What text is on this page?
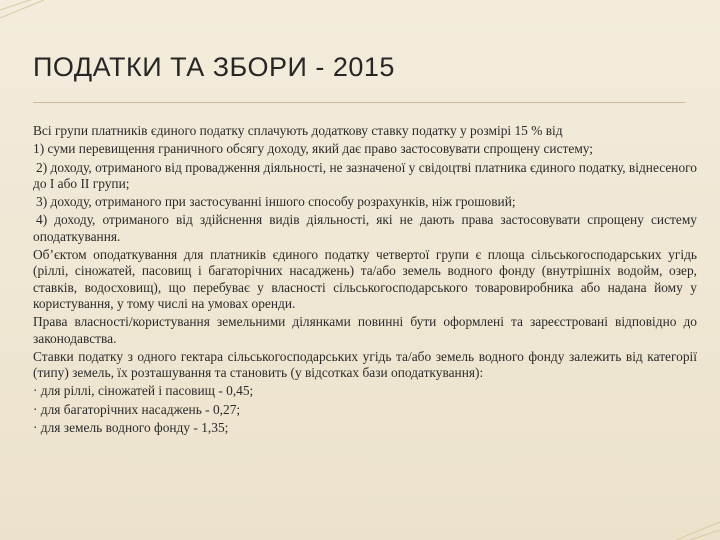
ПОДАТКИ ТА ЗБОРИ - 2015

Всі групи платників єдиного податку сплачують додаткову ставку податку у розмірі 15 % від

1) суми перевищення граничного обсягу доходу, який дає право застосовувати спрощену систему;

2) доходу, отриманого від провадження діяльності, не зазначеної у свідоцтві платника єдиного податку, віднесеного до І або ІІ групи;

3) доходу, отриманого при застосуванні іншого способу розрахунків, ніж грошовий;

4) доходу, отриманого від здійснення видів діяльності, які не дають права застосовувати спрощену систему оподаткування.

Об’єктом оподаткування для платників єдиного податку четвертої групи є площа сільськогосподарських угідь (ріллі, сіножатей, пасовищ і багаторічних насаджень) та/або земель водного фонду (внутрішніх водойм, озер, ставків, водосховищ), що перебуває у власності сільськогосподарського товаровиробника або надана йому у користування, у тому числі на умовах оренди.

Права власності/користування земельними ділянками повинні бути оформлені та зареєстровані відповідно до законодавства.

Ставки податку з одного гектара сільськогосподарських угідь та/або земель водного фонду залежить від категорії (типу) земель, їх розташування та становить (у відсотках бази оподаткування):

· для ріллі, сіножатей і пасовищ - 0,45;

· для багаторічних насаджень - 0,27;

· для земель водного фонду - 1,35;
